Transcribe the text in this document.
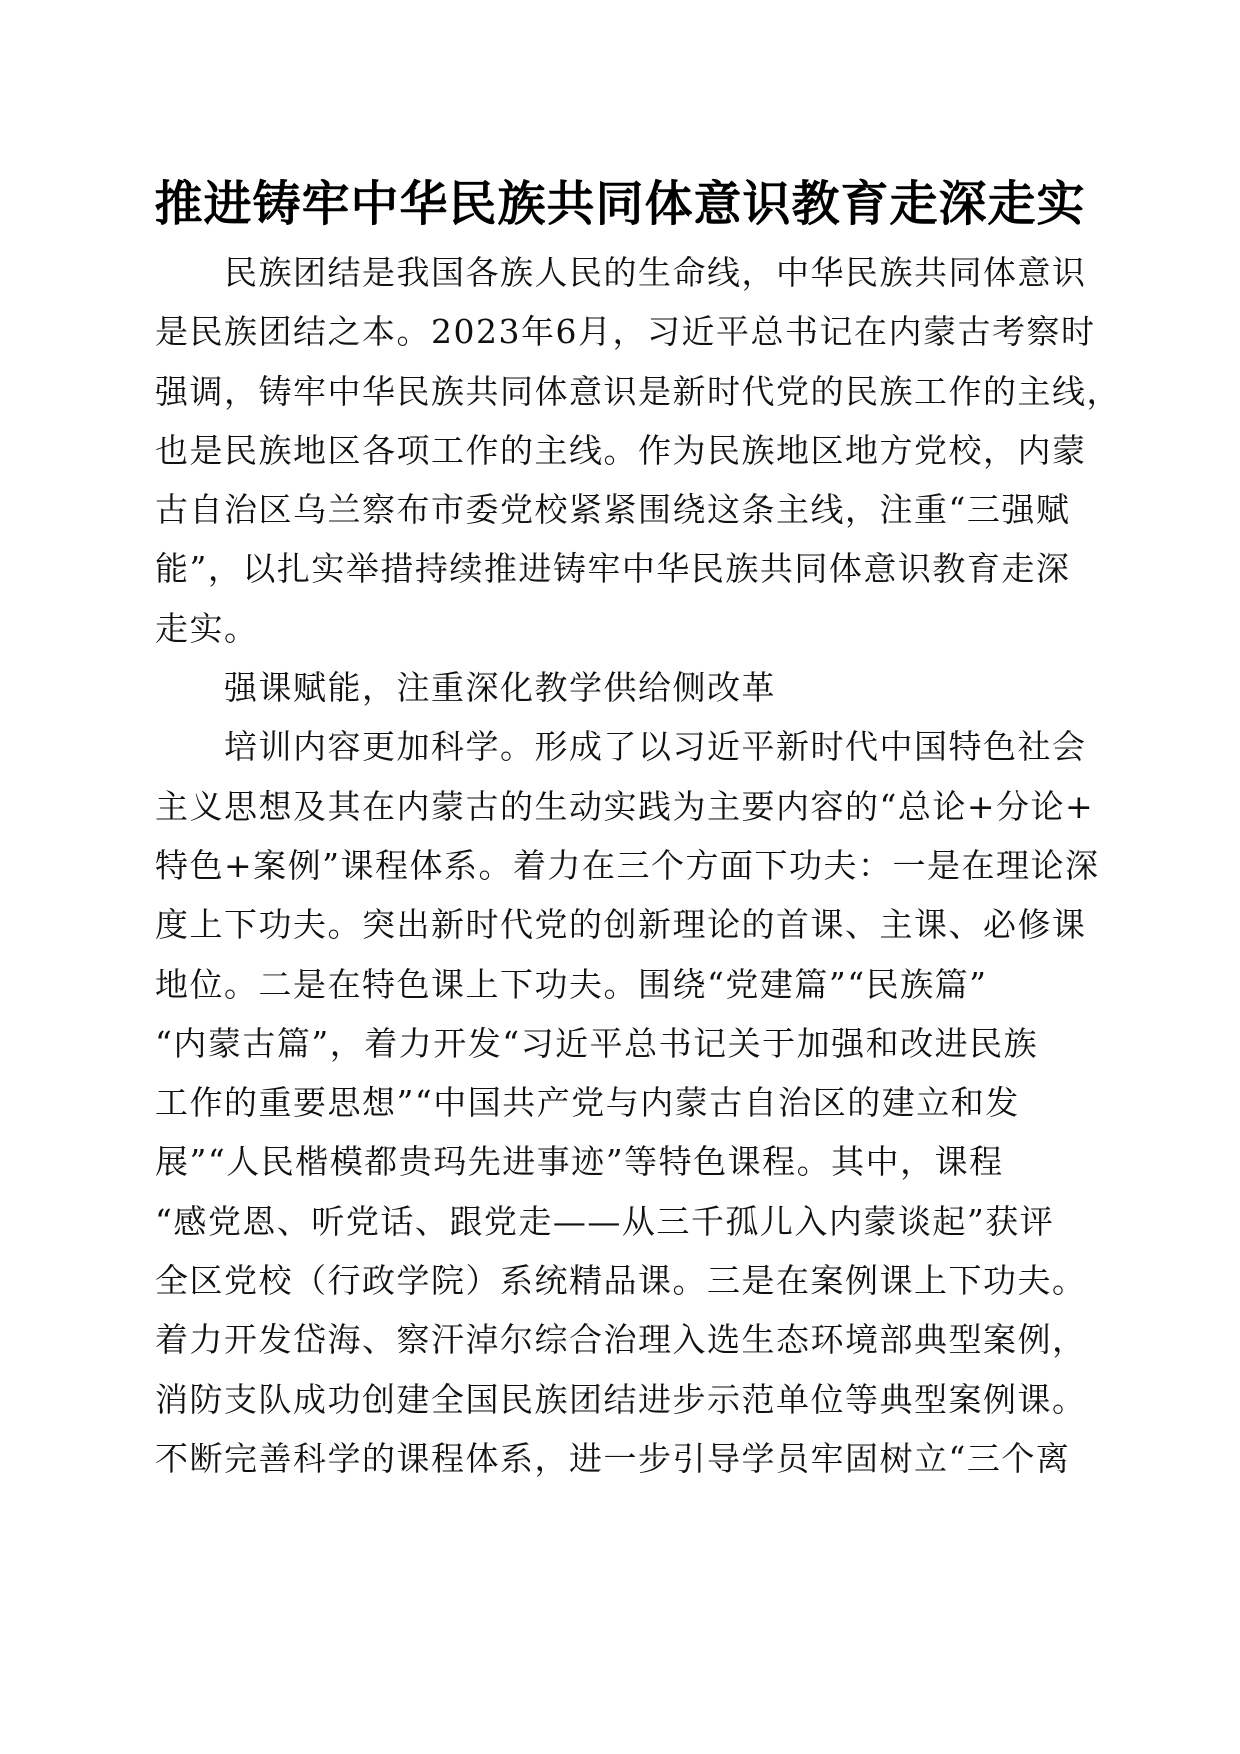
推进铸牢中华民族共同体意识教育走深走实
　　民族团结是我国各族人民的生命线，中华民族共同体意识
是民族团结之本。2023年6月，习近平总书记在内蒙古考察时
强调，铸牢中华民族共同体意识是新时代党的民族工作的主线，
也是民族地区各项工作的主线。作为民族地区地方党校，内蒙
古自治区乌兰察布市委党校紧紧围绕这条主线，注重“三强赋
能”，以扎实举措持续推进铸牢中华民族共同体意识教育走深
走实。
　　强课赋能，注重深化教学供给侧改革
　　培训内容更加科学。形成了以习近平新时代中国特色社会
主义思想及其在内蒙古的生动实践为主要内容的“总论+分论+
特色+案例”课程体系。着力在三个方面下功夫：一是在理论深
度上下功夫。突出新时代党的创新理论的首课、主课、必修课
地位。二是在特色课上下功夫。围绕“党建篇”“民族篇”
“内蒙古篇”，着力开发“习近平总书记关于加强和改进民族
工作的重要思想”“中国共产党与内蒙古自治区的建立和发
展”“人民楷模都贵玛先进事迹”等特色课程。其中，课程
“感党恩、听党话、跟党走——从三千孤儿入内蒙谈起”获评
全区党校（行政学院）系统精品课。三是在案例课上下功夫。
着力开发岱海、察汗淖尔综合治理入选生态环境部典型案例，
消防支队成功创建全国民族团结进步示范单位等典型案例课。
不断完善科学的课程体系，进一步引导学员牢固树立“三个离
